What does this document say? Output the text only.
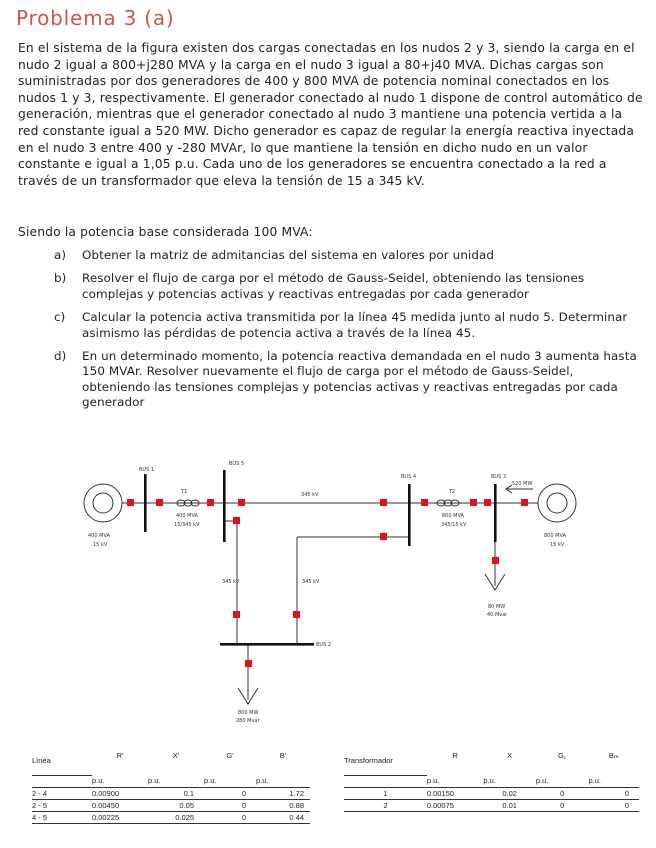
Problema 3 (a)

En el sistema de la figura existen dos cargas conectadas en los nudos 2 y 3, siendo la carga en el nudo 2 igual a 800+j280 MVA y la carga en el nudo 3 igual a 80+j40 MVA. Dichas cargas son suministradas por dos generadores de 400 y 800 MVA de potencia nominal conectados en los nudos 1 y 3, respectivamente. El generador conectado al nudo 1 dispone de control automático de generación, mientras que el generador conectado al nudo 3 mantiene una potencia vertida a la red constante igual a 520 MW. Dicho generador es capaz de regular la energía reactiva inyectada en el nudo 3 entre 400 y -280 MVAr, lo que mantiene la tensión en dicho nudo en un valor constante e igual a 1,05 p.u. Cada uno de los generadores se encuentra conectado a la red a través de un transformador que eleva la tensión de 15 a 345 kV.

Siendo la potencia base considerada 100 MVA:
a)	Obtener la matriz de admitancias del sistema en valores por unidad
b)	Resolver el flujo de carga por el método de Gauss-Seidel, obteniendo las tensiones complejas y potencias activas y reactivas entregadas por cada generador
c)	Calcular la potencia activa transmitida por la línea 45 medida junto al nudo 5. Determinar asimismo las pérdidas de potencia activa a través de la línea 45.
d)	En un determinado momento, la potencia reactiva demandada en el nudo 3 aumenta hasta 150 MVAr. Resolver nuevamente el flujo de carga por el método de Gauss-Seidel, obteniendo las tensiones complejas y potencias activas y reactivas entregadas por cada generador
BUS 1
BUS 5
BUS 4	BUS 3
BUS 2
T1
400 MVA
15/345 kV
T2
800 MVA
345/15 kV
400 MVA
15 kV
800 MVA
15 kV
520 MW
345 kV
345 kV	345 kV
80 MW
40 Mvar
800 MW
280 Mvar
Línea	R'	X'	G'	B'
	p.u.	p.u.	p.u.	p.u.
2 - 4	0.00900	0.1	0	1.72
2 - 5	0.00450	0.05	0	0.88
4 - 5	0.00225	0.025	0	0.44
Transformador	R	X	G꜀	Bₘ
	p.u.	p.u.	p.u.	p.u.
1	0.00150	0.02	0	0
2	0.00075	0.01	0	0
